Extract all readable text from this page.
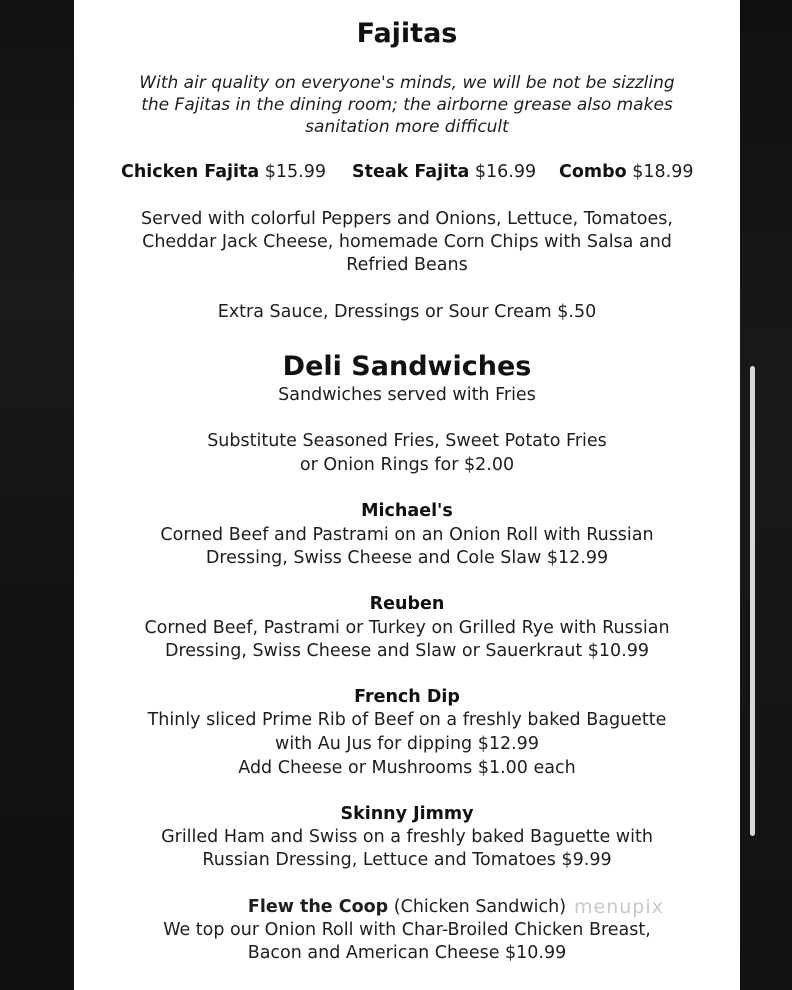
Fajitas
With air quality on everyone's minds, we will be not be sizzling
the Fajitas in the dining room; the airborne grease also makes
sanitation more difficult
Chicken Fajita $15.99 Steak Fajita $16.99 Combo $18.99
Served with colorful Peppers and Onions, Lettuce, Tomatoes,
Cheddar Jack Cheese, homemade Corn Chips with Salsa and
Refried Beans
Extra Sauce, Dressings or Sour Cream $.50
Deli Sandwiches
Sandwiches served with Fries
Substitute Seasoned Fries, Sweet Potato Fries
or Onion Rings for $2.00
Michael's
Corned Beef and Pastrami on an Onion Roll with Russian
Dressing, Swiss Cheese and Cole Slaw $12.99
Reuben
Corned Beef, Pastrami or Turkey on Grilled Rye with Russian
Dressing, Swiss Cheese and Slaw or Sauerkraut $10.99
French Dip
Thinly sliced Prime Rib of Beef on a freshly baked Baguette
with Au Jus for dipping $12.99
Add Cheese or Mushrooms $1.00 each
Skinny Jimmy
Grilled Ham and Swiss on a freshly baked Baguette with
Russian Dressing, Lettuce and Tomatoes $9.99
Flew the Coop (Chicken Sandwich)
We top our Onion Roll with Char-Broiled Chicken Breast,
Bacon and American Cheese $10.99
menupix
